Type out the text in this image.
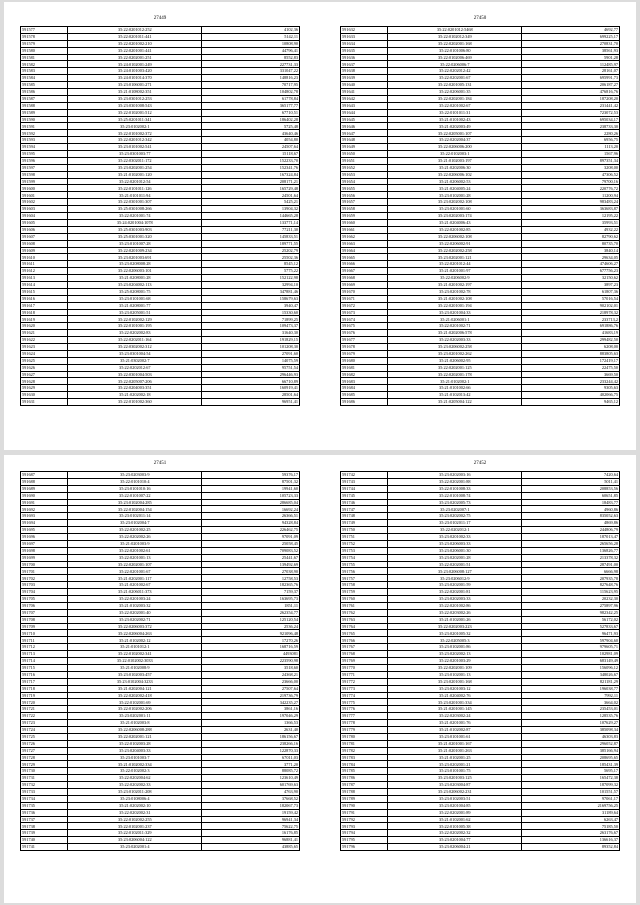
27449
591577	35:22:0201012:252	4102,36
591578	35:22:0201011:441	5142,11
591579	35:22:0201002:210	10808,90
591580	35:22:0201001:441	44796,41
591581	35:22:0202001:251	8552,83
591582	35:24:0102001:249	227731,33
591583	35:24:0101003:420	331047,22
591584	35:24:0101014:370	148816,23
591585	35:23:0106001:271	70717,95
591586	35:21:0108002:351	104802,78
591587	35:23:0301012:253	61778,84
591588	35:23:0301008:543	365177,77
591589	35:22:0102001:512	67710,51
591590	35:25:0201011:341	186402,28
591591	35:23:0102002:1	5725,48
591592	35:22:0101002:372	43640,46
591593	35:22:0201012:342	4054,80
591594	35:23:0101002:541	24507,64
591595	35:23:0301003:77	15118,67
591596	35:22:0302011:172	152233,70
591597	35:23:0202001:254	152341,76
591598	35:21:0102001:120	167324,84
591599	35:22:0201012:54	208171,21
591600	35:22:0101011:126	165729,48
591601	35:21:0101011:94	24501,64
591602	35:22:0301001:307	5425,21
591603	35:25:0301008:266	13904,32
591604	35:22:0201001:74	144665,28
591605	35:24:0201004:1078	133771,14
591606	35:25:0301003:903	77211,30
591607	35:25:0301001:320	145833,51
591608	35:23:0101007:28	189771,55
591609	35:22:0201009:234	25202,79
591610	35:23:0201003:691	25502,36
591611	35:23:0208008:28	8545,12
591612	35:22:0206003:101	5775,22
591613	35:21:0208001:28	152122,98
591614	35:23:0204002:113	32994,10
591615	35:25:0208001:75	347881,46
591616	35:23:0101001:68	158679,63
591617	35:21:0208001:77	3940,47
591618	35:23:0205001:51	15330,60
591619	35:22:0102002:129	71899,25
591620	35:22:0101001:195	109473,37
591621	35:22:0202002:83	31640,30
591622	35:22:0202011:164	191829,15
591623	35:22:0302002:312	101208,30
591624	35:23:0301004:54	27091,60
591625	35:21:0302002:7	14075,59
591626	35:22:0202012:67	95751,54
591627	35:22:0301004:503	296446,93
591628	35:22:0205007:206	66710,89
591629	35:22:0204003:351	160919,41
591630	35:21:0202002:18	28501,64
591631	35:22:0101002:360	96951,41
27450
591632	35:22:0201012:5468	4692,77
591633	35:22:0102012:349	699225,17
591634	35:22:0202001:168	270831,70
591635	35:22:0101006:80	38561,93
591636	35:22:0102006:469	5901,28
591637	35:22:0206006:7	112485,97
591638	35:22:0202012:42	28161,07
591639	35:22:0202001:67	695991,73
591640	35:22:0201005:131	206187,27
591641	35:22:0206001:35	476816,76
591642	35:22:0202001:184	187208,20
591643	35:22:0201002:67	231441,42
591644	35:22:0101011:31	723072,53
591645	35:21:0101002:43	695034,17
591646	35:21:0202003:49	238733,30
591647	35:22:0205001:107	2280,26
591648	35:22:0202004:37	6956,75
591649	35:22:0206006:200	1113,20
591650	35:22:0102003:1	1567,96
591651	35:21:0102003:197	897351,34
591652	35:21:0202006:30	3208,00
591653	35:22:0206006:102	47306,52
591654	35:21:0206002:53	79700,16
591655	35:21:0204005:24	220776,72
591656	35:23:0102001:28	11200,94
591657	35:23:0202002:108	983483,24
591658	35:23:0201001:60	363683,87
591659	35:23:0202003:174	12195,22
591660	35:21:0204006:43	35993,51
591661	35:22:0201002:85	4932,22
591662	35:22:0206002:108	82790,62
591663	35:22:0206002:91	80735,70
591664	35:22:0202002:258	3840,14
591665	35:23:0202001:121	29634,05
591666	35:22:0201012:44	474606,27
591667	35:21:0201001:97	677756,23
591668	35:22:0206002:9	32150,62
591669	35:21:0201002:197	3897,23
591670	35:23:0201002:78	61807,36
591671	35:21:0201002:108	57016,54
591672	35:22:0201001:194	902102,01
591673	35:23:0201004:33	218978,32
591674	35:21:0206001:1	233713,2
591675	35:22:0201002:71	691886,76
591676	35:21:0202006:578	41683,19
591677	35:22:0202003:33	299482,50
591678	35:23:0206002:258	6208,00
591679	35:23:0201002:262	883805,63
591680	35:21:0206002:95	172419,17
591681	35:22:0202001:125	22475,50
591682	35:22:0202001:178	3669,50
591683	35:21:0102002:1	233244,42
591684	35:21:0101002:66	9305,63
591685	35:21:0102013:42	402066,75
591686	35:21:0205004:122	9465,12
27451
591687	35:23:0203003:9	59376,17
591688	35:22:0101010:4	87501,32
591689	35:23:0101010:16	19941,60
591690	35:22:0101007:22	105723,33
591691	35:23:0102004:285	286685,04
591692	35:22:0102004:154	16692,24
591693	35:23:0102011:14	26366,51
591694	35:23:0102004:7	94328,84
591695	35:22:0201002:25	226462,75
591696	35:22:0202002:26	97091,09
591697	35:21:0201003:9	25058,45
591698	35:22:0201002:61	709083,52
591699	35:22:0201001:13	25441,67
591700	35:22:0202001:107	139492,69
591701	35:22:0201001:67	27038,90
591702	35:21:0202001:117	12758,53
591703	35:21:0201002:67	182365,76
591704	35:21:0206011:373	7159,37
591705	35:22:0201003:24	163695,73
591706	35:21:0102003:32	1851,11
591707	35:22:0202001:40	262354,77
591708	35:23:0202002:71	125120,54
591709	35:22:0206003:372	2536,24
591710	35:22:0206004:263	921096,48
591711	35:21:0102002:12	17270,26
591712	35:21:0101012:1	168716,59
591713	35:22:0102002:341	4493081
591714	35:22:0102002:3033	223590,98
591715	35:21:0102008:9	3518,60
591716	35:23:0102003:457	24368,21
591717	35:23:0102004:3233	23666,00
591718	35:21:0202004:121	27507,64
591719	35:22:0202002:418	219736,79
591720	35:22:0102001:69	342235,27
591721	35:22:0102002:206	3861,16
591722	35:23:0202001:11	197046,29
591723	35:21:0102003:8	1366,53
591724	35:22:0206008:288	2631,40
591725	35:22:0202001:121	186156,67
591726	35:22:0102003:28	238266,16
591727	35:23:0204003:33	122870,33
591728	35:23:0101003:7	67011,03
591729	35:21:0102002:334	3771,20
591730	35:22:0102002:3	88085,72
591731	35:22:0202004:62	123610,49
591732	35:22:0202002:33	601769,63
591733	35:23:0102011:208	4763,90
591734	35:23:0108006:4	37668,52
591735	35:21:0202002:10	182067,73
591736	35:22:0202002:31	19159,42
591737	35:22:0102002:255	96941,34
591738	35:22:0102001:237	75622,75
591739	35:22:0102011:329	16176,85
591740	35:23:0206004:122	96881,41
591741	35:23:0202001:4	43885,65
27452
591742	35:23:0202003:16	7420,64
591743	35:22:0202001:88	5011,41
591744	35:22:0101008:33	208853,56
591745	35:22:0101008:74	60651,85
591746	35:23:0202005:73	18483,77
591747	35:23:0202007:1	4960,86
591748	35:23:0202002:75	835052,63
591749	35:23:0102011:17	4869,86
591750	35:22:0202012:1	244806,79
591751	35:23:0201002:33	187013,47
591752	35:23:0206003:33	265656,28
591753	35:23:0206001:30	136826,77
591754	35:23:0202001:28	213378,32
591755	35:22:0202001:51	287491,00
591756	35:23:0206008:127	6666,98
591757	35:23:0206012:9	207935,78
591758	35:23:0202001:59	827648,76
591759	35:22:0202001:81	115623,95
591760	35:23:0202003:33	20232,30
591761	35:22:0201002:86	275897,96
591762	35:22:0203002:26	982342,25
591763	35:21:0102001:26	56172,02
591764	35:22:0202003:223	527833,67
591765	35:23:0201005:32	96471,93
591766	35:22:0205005:3	597904,60
591767	35:23:0102001:86	979605,71
591768	35:23:0202002:13	102981,09
591769	35:22:0201003:29	683149,49
591770	35:22:0202001:109	156096,12
591771	35:23:0102001:13	348026,67
591772	35:23:0201001:168	821181,29
591773	35:23:0201003:12	196038,77
591774	35:21:0204002:76	7992,11
591775	35:23:0201001:334	3664,02
591776	35:21:0201001:145	235453,01
591777	35:22:0203002:24	128535,76
591778	35:21:0201001:76	107629,27
591779	35:21:0102002:87	385098,34
591780	35:23:0101001:61	46303,83
591781	35:21:0201001:167	296052,87
591782	35:21:0201001:263	385166,94
591783	35:21:0102001:25	208695,65
591784	35:23:0202001:21	185431,39
591785	35:23:0101001:75	5695,17
591786	35:23:0201003:125	165472,38
591787	35:23:0203004:87	187099,32
591788	35:23:0206002:231	101551,57
591789	35:23:0102003:51	97061,17
591790	35:23:0201004:85	2169756,25
591791	35:22:0202001:89	31189,64
591792	35:21:0102001:62	6263,47
591793	35:22:0101005:38	75185,50
591794	35:22:0202002:32	263176,67
591795	35:23:0201004:77	136616,37
591796	35:23:0206004:21	89352,84
